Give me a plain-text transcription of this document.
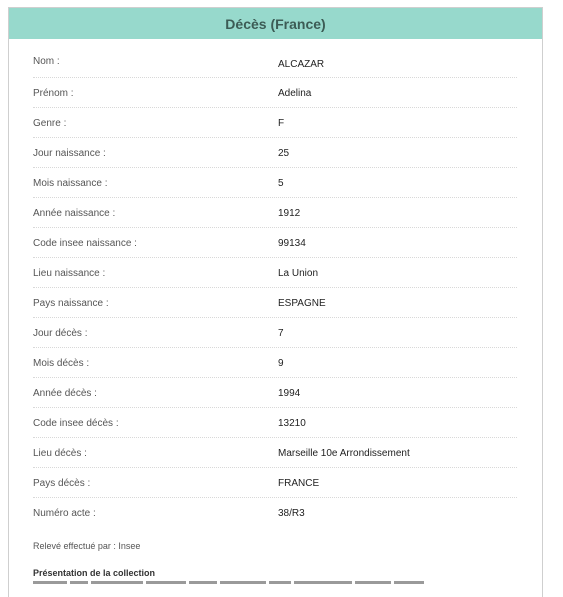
Décès (France)
Nom :	ALCAZAR
Prénom :	Adelina
Genre :	F
Jour naissance :	25
Mois naissance :	5
Année naissance :	1912
Code insee naissance :	99134
Lieu naissance :	La Union
Pays naissance :	ESPAGNE
Jour décès :	7
Mois décès :	9
Année décès :	1994
Code insee décès :	13210
Lieu décès :	Marseille 10e Arrondissement
Pays décès :	FRANCE
Numéro acte :	38/R3
Relevé effectué par : Insee
Présentation de la collection
